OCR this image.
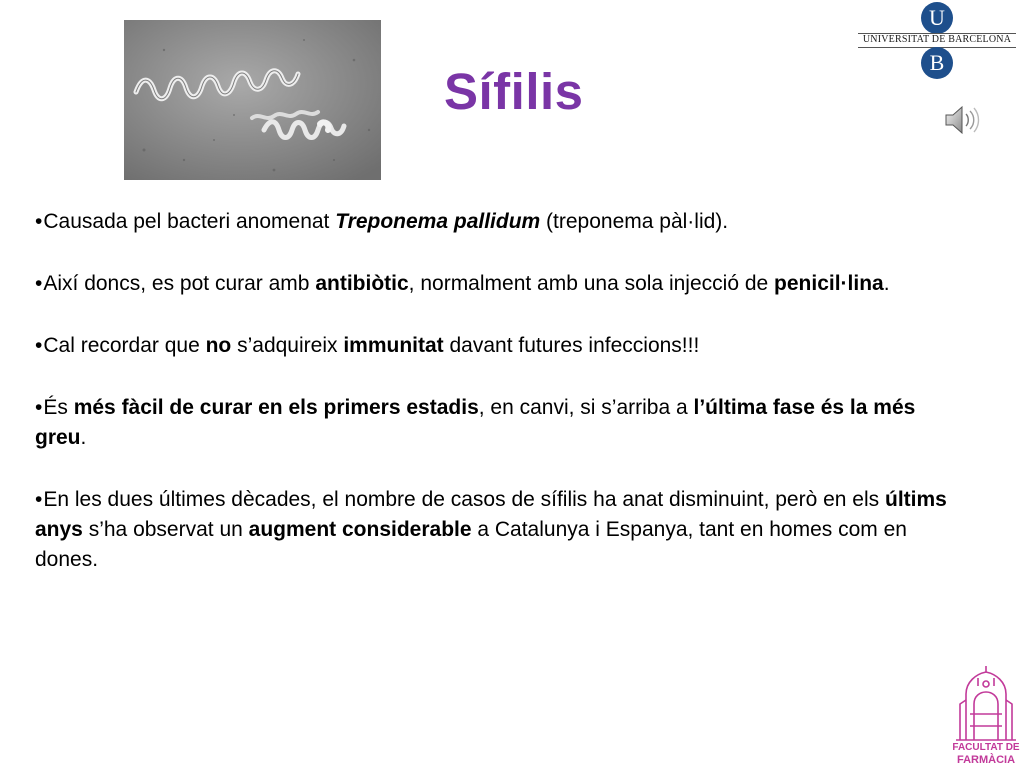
Sífilis
U
UNIVERSITAT DE BARCELONA
B
•Causada pel bacteri anomenat Treponema pallidum (treponema pàl·lid).
•Així doncs, es pot curar amb antibiòtic, normalment amb una sola injecció de penicil·lina.
•Cal recordar que no s’adquireix immunitat davant futures infeccions!!!
•És més fàcil de curar en els primers estadis, en canvi, si s’arriba a l’última fase és la més greu.
•En les dues últimes dècades, el nombre de casos de sífilis ha anat disminuint, però en els últims anys s’ha observat un augment considerable a Catalunya i Espanya, tant en homes com en dones.
FACULTAT DE
FARMÀCIA
